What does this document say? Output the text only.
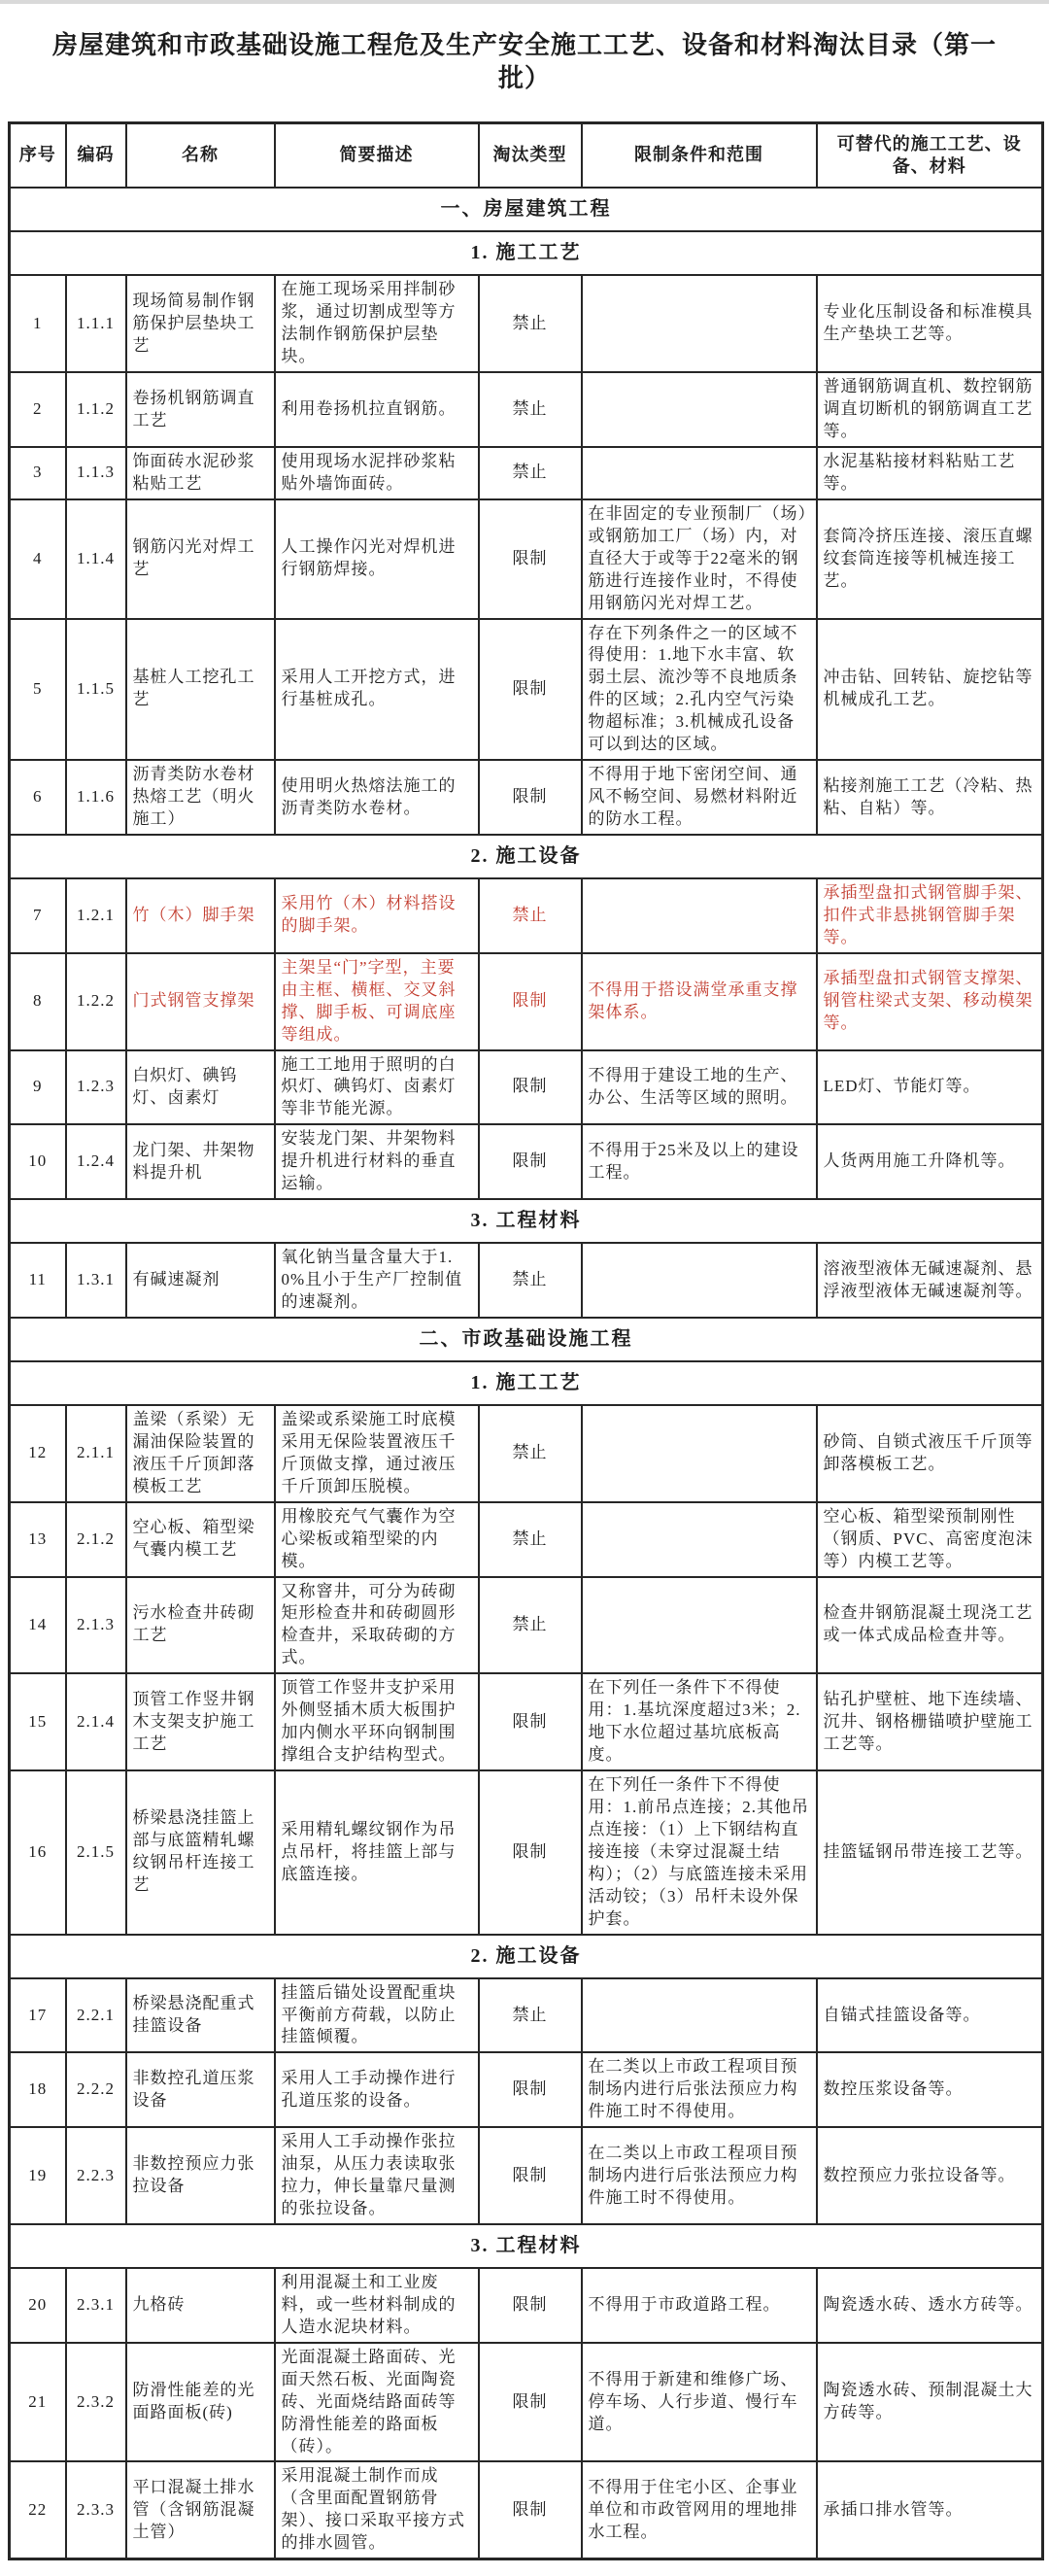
房屋建筑和市政基础设施工程危及生产安全施工工艺、设备和材料淘汰目录（第一批）
序号	编码	名称	简要描述	淘汰类型	限制条件和范围	可替代的施工工艺、设备、材料
一、房屋建筑工程						
1. 施工工艺						
1	1.1.1	现场简易制作钢筋保护层垫块工艺	在施工现场采用拌制砂浆，通过切割成型等方法制作钢筋保护层垫块。	禁止		专业化压制设备和标准模具生产垫块工艺等。
2	1.1.2	卷扬机钢筋调直工艺	利用卷扬机拉直钢筋。	禁止		普通钢筋调直机、数控钢筋调直切断机的钢筋调直工艺等。
3	1.1.3	饰面砖水泥砂浆粘贴工艺	使用现场水泥拌砂浆粘贴外墙饰面砖。	禁止		水泥基粘接材料粘贴工艺等。
4	1.1.4	钢筋闪光对焊工艺	人工操作闪光对焊机进行钢筋焊接。	限制	在非固定的专业预制厂（场）或钢筋加工厂（场）内，对直径大于或等于22毫米的钢筋进行连接作业时，不得使用钢筋闪光对焊工艺。	套筒冷挤压连接、滚压直螺纹套筒连接等机械连接工艺。
5	1.1.5	基桩人工挖孔工艺	采用人工开挖方式，进行基桩成孔。	限制	存在下列条件之一的区域不得使用：1.地下水丰富、软弱土层、流沙等不良地质条件的区域；2.孔内空气污染物超标准；3.机械成孔设备可以到达的区域。	冲击钻、回转钻、旋挖钻等机械成孔工艺。
6	1.1.6	沥青类防水卷材热熔工艺（明火施工）	使用明火热熔法施工的沥青类防水卷材。	限制	不得用于地下密闭空间、通风不畅空间、易燃材料附近的防水工程。	粘接剂施工工艺（冷粘、热粘、自粘）等。
2. 施工设备						
7	1.2.1	竹（木）脚手架	采用竹（木）材料搭设的脚手架。	禁止		承插型盘扣式钢管脚手架、扣件式非悬挑钢管脚手架等。
8	1.2.2	门式钢管支撑架	主架呈“门”字型，主要由主框、横框、交叉斜撑、脚手板、可调底座等组成。	限制	不得用于搭设满堂承重支撑架体系。	承插型盘扣式钢管支撑架、钢管柱梁式支架、移动模架等。
9	1.2.3	白炽灯、碘钨灯、卤素灯	施工工地用于照明的白炽灯、碘钨灯、卤素灯等非节能光源。	限制	不得用于建设工地的生产、办公、生活等区域的照明。	LED灯、节能灯等。
10	1.2.4	龙门架、井架物料提升机	安装龙门架、井架物料提升机进行材料的垂直运输。	限制	不得用于25米及以上的建设工程。	人货两用施工升降机等。
3. 工程材料						
11	1.3.1	有碱速凝剂	氧化钠当量含量大于1.0%且小于生产厂控制值的速凝剂。	禁止		溶液型液体无碱速凝剂、悬浮液型液体无碱速凝剂等。
二、市政基础设施工程						
1. 施工工艺						
12	2.1.1	盖梁（系梁）无漏油保险装置的液压千斤顶卸落模板工艺	盖梁或系梁施工时底模采用无保险装置液压千斤顶做支撑，通过液压千斤顶卸压脱模。	禁止		砂筒、自锁式液压千斤顶等卸落模板工艺。
13	2.1.2	空心板、箱型梁气囊内模工艺	用橡胶充气气囊作为空心梁板或箱型梁的内模。	禁止		空心板、箱型梁预制刚性（钢质、PVC、高密度泡沫等）内模工艺等。
14	2.1.3	污水检查井砖砌工艺	又称窨井，可分为砖砌矩形检查井和砖砌圆形检查井，采取砖砌的方式。	禁止		检查井钢筋混凝土现浇工艺或一体式成品检查井等。
15	2.1.4	顶管工作竖井钢木支架支护施工工艺	顶管工作竖井支护采用外侧竖插木质大板围护加内侧水平环向钢制围撑组合支护结构型式。	限制	在下列任一条件下不得使用：1.基坑深度超过3米；2.地下水位超过基坑底板高度。	钻孔护壁桩、地下连续墙、沉井、钢格栅锚喷护壁施工工艺等。
16	2.1.5	桥梁悬浇挂篮上部与底篮精轧螺纹钢吊杆连接工艺	采用精轧螺纹钢作为吊点吊杆，将挂篮上部与底篮连接。	限制	在下列任一条件下不得使用：1.前吊点连接；2.其他吊点连接：（1）上下钢结构直接连接（未穿过混凝土结构）；（2）与底篮连接未采用活动铰；（3）吊杆未设外保护套。	挂篮锰钢吊带连接工艺等。
2. 施工设备						
17	2.2.1	桥梁悬浇配重式挂篮设备	挂篮后锚处设置配重块平衡前方荷载，以防止挂篮倾覆。	禁止		自锚式挂篮设备等。
18	2.2.2	非数控孔道压浆设备	采用人工手动操作进行孔道压浆的设备。	限制	在二类以上市政工程项目预制场内进行后张法预应力构件施工时不得使用。	数控压浆设备等。
19	2.2.3	非数控预应力张拉设备	采用人工手动操作张拉油泵，从压力表读取张拉力，伸长量靠尺量测的张拉设备。	限制	在二类以上市政工程项目预制场内进行后张法预应力构件施工时不得使用。	数控预应力张拉设备等。
3. 工程材料						
20	2.3.1	九格砖	利用混凝土和工业废料，或一些材料制成的人造水泥块材料。	限制	不得用于市政道路工程。	陶瓷透水砖、透水方砖等。
21	2.3.2	防滑性能差的光面路面板(砖)	光面混凝土路面砖、光面天然石板、光面陶瓷砖、光面烧结路面砖等防滑性能差的路面板（砖）。	限制	不得用于新建和维修广场、停车场、人行步道、慢行车道。	陶瓷透水砖、预制混凝土大方砖等。
22	2.3.3	平口混凝土排水管（含钢筋混凝土管）	采用混凝土制作而成（含里面配置钢筋骨架）、接口采取平接方式的排水圆管。	限制	不得用于住宅小区、企事业单位和市政管网用的埋地排水工程。	承插口排水管等。
